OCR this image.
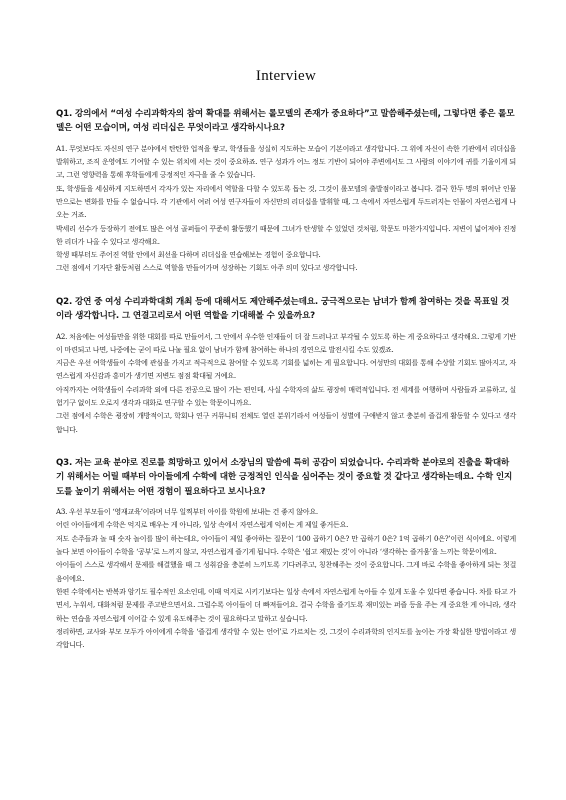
Interview

Q1. 강의에서 “여성 수리과학자의 참여 확대를 위해서는 롤모델의 존재가 중요하다”고 말씀해주셨는데, 그렇다면 좋은 롤모델은 어떤 모습이며, 여성 리더십은 무엇이라고 생각하시나요?

A1. 무엇보다도 자신의 연구 분야에서 탄탄한 업적을 쌓고, 학생들을 성실히 지도하는 모습이 기본이라고 생각합니다. 그 위에 자신이 속한 기관에서 리더십을 발휘하고, 조직 운영에도 기여할 수 있는 위치에 서는 것이 중요하죠. 연구 성과가 어느 정도 기반이 되어야 주변에서도 그 사람의 이야기에 귀를 기울이게 되고, 그런 영향력을 통해 후학들에게 긍정적인 자극을 줄 수 있습니다.

또, 학생들을 세심하게 지도하면서 각자가 있는 자리에서 역할을 다할 수 있도록 돕는 것, 그것이 롤모델의 출발점이라고 봅니다. 결국 한두 명의 뛰어난 인물만으로는 변화를 만들 수 없습니다. 각 기관에서 여러 여성 연구자들이 자신만의 리더십을 발휘할 때, 그 속에서 자연스럽게 두드러지는 인물이 자연스럽게 나오는 거죠.

박세리 선수가 등장하기 전에도 많은 여성 골퍼들이 꾸준히 활동했기 때문에 그녀가 탄생할 수 있었던 것처럼, 학문도 마찬가지입니다. 저변이 넓어져야 진정한 리더가 나올 수 있다고 생각해요.

학생 때부터도 주어진 역할 안에서 최선을 다하며 리더십을 연습해보는 경험이 중요합니다.

그런 점에서 기자단 활동처럼 스스로 역할을 만들어가며 성장하는 기회도 아주 의미 있다고 생각합니다.

Q2. 강연 중 여성 수리과학대회 개최 등에 대해서도 제안해주셨는데요. 궁극적으로는 남녀가 함께 참여하는 것을 목표일 것이라 생각합니다. 그 연결고리로서 어떤 역할을 기대해볼 수 있을까요?

A2. 처음에는 여성들만을 위한 대회를 따로 만들어서, 그 안에서 우수한 인재들이 더 잘 드러나고 부각될 수 있도록 하는 게 중요하다고 생각해요. 그렇게 기반이 마련되고 나면, 나중에는 굳이 따로 나눌 필요 없이 남녀가 함께 참여하는 하나의 경연으로 발전시킬 수도 있겠죠.

지금은 우선 여학생들이 수학에 관심을 가지고 적극적으로 참여할 수 있도록 기회를 넓히는 게 필요합니다. 여성만의 대회를 통해 수상할 기회도 많아지고, 자연스럽게 자신감과 흥미가 생기면 저변도 점점 확대될 거예요.

아직까지는 여학생들이 수리과학 외에 다른 전공으로 많이 가는 편인데, 사실 수학자의 삶도 굉장히 매력적입니다. 전 세계를 여행하며 사람들과 교류하고, 실험기구 없이도 오로지 생각과 대화로 연구할 수 있는 학문이니까요.

그런 점에서 수학은 굉장히 개방적이고, 학회나 연구 커뮤니티 전체도 열린 분위기라서 여성들이 성별에 구애받지 않고 충분히 즐겁게 활동할 수 있다고 생각합니다.

Q3. 저는 교육 분야로 진로를 희망하고 있어서 소장님의 말씀에 특히 공감이 되었습니다. 수리과학 분야로의 진출을 확대하기 위해서는 어릴 때부터 아이들에게 수학에 대한 긍정적인 인식을 심어주는 것이 중요할 것 같다고 생각하는데요. 수학 인지도를 높이기 위해서는 어떤 경험이 필요하다고 보시나요?

A3. 우선 부모들이 ‘영재교육’이라며 너무 일찍부터 아이를 학원에 보내는 건 좋지 않아요.

어린 아이들에게 수학은 억지로 배우는 게 아니라, 일상 속에서 자연스럽게 익히는 게 제일 좋거든요.

저도 손주들과 놀 때 숫자 놀이를 많이 하는데요, 아이들이 제일 좋아하는 질문이 ‘100 곱하기 0은? 만 곱하기 0은? 1억 곱하기 0은?’이런 식이에요. 이렇게 놀다 보면 아이들이 수학을 ‘공부’로 느끼지 않고, 자연스럽게 즐기게 됩니다. 수학은 ‘쉽고 재밌는 것’이 아니라 ‘생각하는 즐거움’을 느끼는 학문이에요.

아이들이 스스로 생각해서 문제를 해결했을 때 그 성취감을 충분히 느끼도록 기다려주고, 칭찬해주는 것이 중요합니다. 그게 바로 수학을 좋아하게 되는 첫걸음이에요.

한편 수학에서는 반복과 암기도 필수적인 요소인데, 이때 억지로 시키기보다는 일상 속에서 자연스럽게 녹아들 수 있게 도울 수 있다면 좋습니다. 차를 타고 가면서, 누워서, 대화처럼 문제를 주고받으면서요. 그럴수록 아이들이 더 빠져들어요. 결국 수학을 즐기도록 재미있는 퍼즐 등을 주는 게 중요한 게 아니라, 생각하는 연습을 자연스럽게 이어갈 수 있게 유도해주는 것이 필요하다고 말하고 싶습니다.

정리하면, 교사와 부모 모두가 아이에게 수학을 ‘즐겁게 생각할 수 있는 언어’로 가르치는 것, 그것이 수리과학의 인지도를 높이는 가장 확실한 방법이라고 생각합니다.
